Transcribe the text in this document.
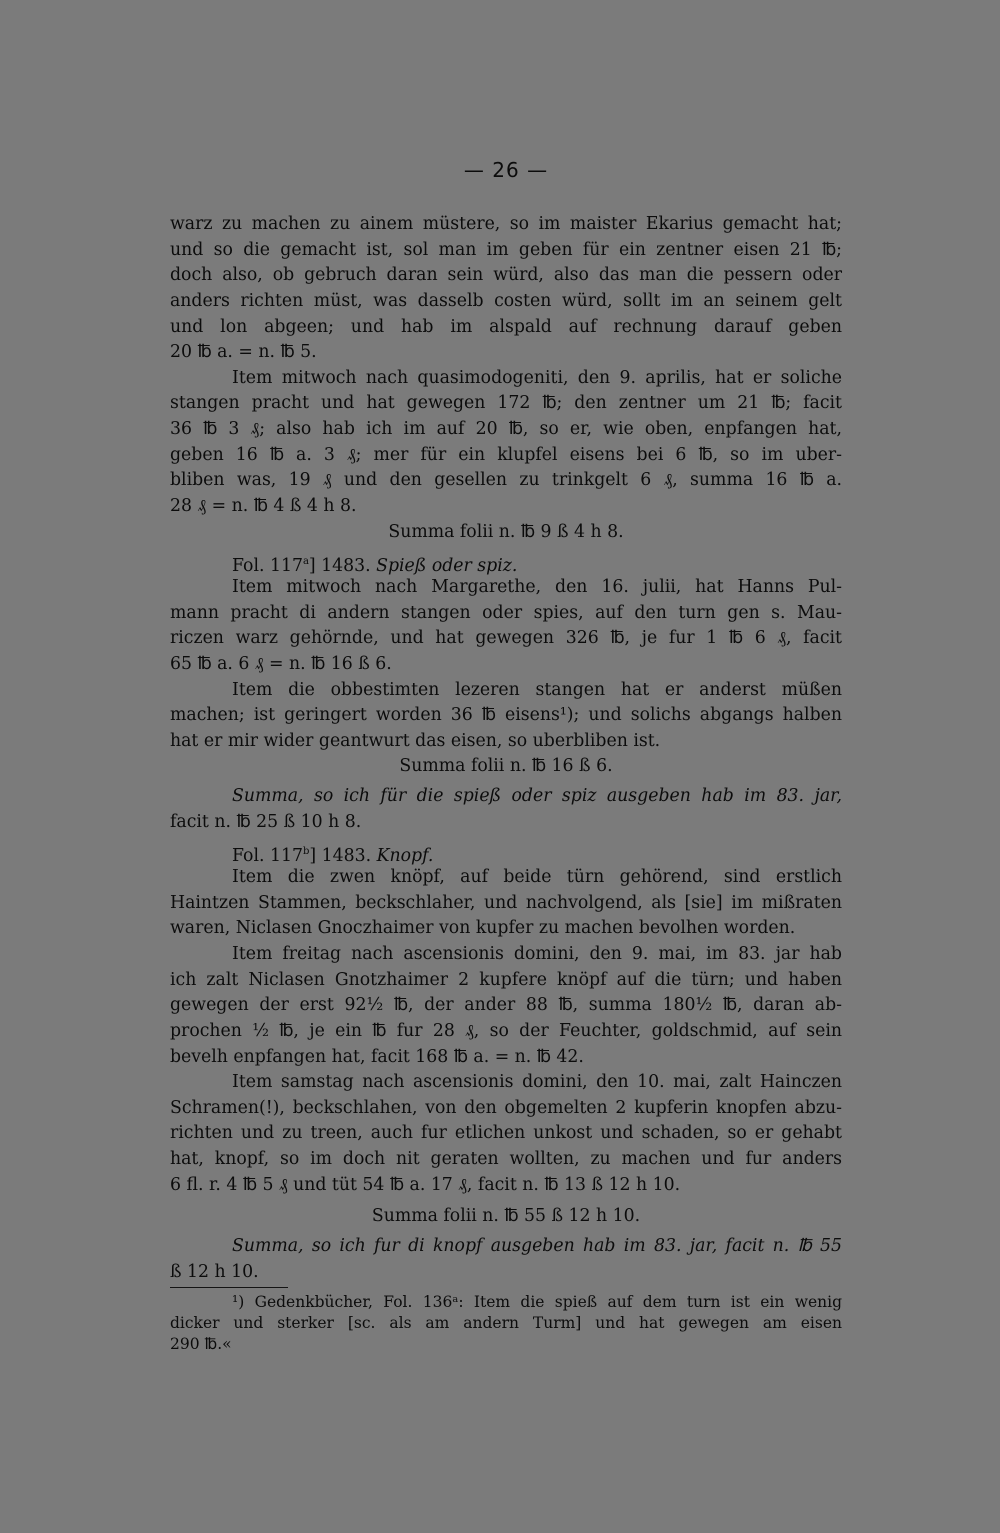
— 26 —
warz zu machen zu ainem müstere, so im maister Ekarius gemacht hat;
und so die gemacht ist, sol man im geben für ein zentner eisen 21 ℔;
doch also, ob gebruch daran sein würd, also das man die pessern oder
anders richten müst, was dasselb costen würd, sollt im an seinem gelt
und lon abgeen; und hab im alspald auf rechnung darauf geben
20 ℔ a. = n. ℔ 5.
Item mitwoch nach quasimodogeniti, den 9. aprilis, hat er soliche
stangen pracht und hat gewegen 172 ℔; den zentner um 21 ℔; facit
36 ℔ 3 ₰; also hab ich im auf 20 ℔, so er, wie oben, enpfangen hat,
geben 16 ℔ a. 3 ₰; mer für ein klupfel eisens bei 6 ℔, so im uber-
bliben was, 19 ₰ und den gesellen zu trinkgelt 6 ₰, summa 16 ℔ a.
28 ₰ = n. ℔ 4 ß 4 h 8.
Summa folii n. ℔ 9 ß 4 h 8.
Fol. 117$^a$] 1483. Spieß oder spiz.
Item mitwoch nach Margarethe, den 16. julii, hat Hanns Pul-
mann pracht di andern stangen oder spies, auf den turn gen s. Mau-
riczen warz gehörnde, und hat gewegen 326 ℔, je fur 1 ℔ 6 ₰, facit
65 ℔ a. 6 ₰ = n. ℔ 16 ß 6.
Item die obbestimten lezeren stangen hat er anderst müßen
machen; ist geringert worden 36 ℔ eisens¹); und solichs abgangs halben
hat er mir wider geantwurt das eisen, so uberbliben ist.
Summa folii n. ℔ 16 ß 6.
Summa, so ich für die spieß oder spiz ausgeben hab im 83. jar,
facit n. ℔ 25 ß 10 h 8.
Fol. 117$^b$] 1483. Knopf.
Item die zwen knöpf, auf beide türn gehörend, sind erstlich
Haintzen Stammen, beckschlaher, und nachvolgend, als [sie] im mißraten
waren, Niclasen Gnoczhaimer von kupfer zu machen bevolhen worden.
Item freitag nach ascensionis domini, den 9. mai, im 83. jar hab
ich zalt Niclasen Gnotzhaimer 2 kupfere knöpf auf die türn; und haben
gewegen der erst 92½ ℔, der ander 88 ℔, summa 180½ ℔, daran ab-
prochen ½ ℔, je ein ℔ fur 28 ₰, so der Feuchter, goldschmid, auf sein
bevelh enpfangen hat, facit 168 ℔ a. = n. ℔ 42.
Item samstag nach ascensionis domini, den 10. mai, zalt Hainczen
Schramen(!), beckschlahen, von den obgemelten 2 kupferin knopfen abzu-
richten und zu treen, auch fur etlichen unkost und schaden, so er gehabt
hat, knopf, so im doch nit geraten wollten, zu machen und fur anders
6 fl. r. 4 ℔ 5 ₰ und tüt 54 ℔ a. 17 ₰, facit n. ℔ 13 ß 12 h 10.
Summa folii n. ℔ 55 ß 12 h 10.
Summa, so ich fur di knopf ausgeben hab im 83. jar, facit n. ℔ 55
ß 12 h 10.
¹) Gedenkbücher, Fol. 136ᵃ: Item die spieß auf dem turn ist ein wenig
dicker und sterker [sc. als am andern Turm] und hat gewegen am eisen
290 ℔.«
